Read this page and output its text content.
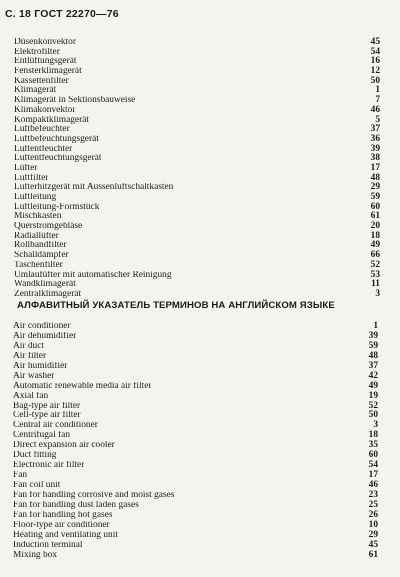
С. 18 ГОСТ 22270—76
Düsenkonvektor	45
Elektrofilter	54
Entlüftungsgerät	16
Fensterklimagerät	12
Kassettenfilter	50
Klimagerät	1
Klimagerät in Sektionsbauweise	7
Klimakonvektor	46
Kompaktklimagerät	5
Luftbefeuchter	37
Luftbefeuchtungsgerät	36
Luftentfeuchter	39
Luftentfeuchtungsgerät	38
Lüfter	17
Luftfilter	48
Lufterhitzgerät mit Aussenluftschaltkasten	29
Luftleitung	59
Luftleitung-Formstück	60
Mischkasten	61
Querstromgebläse	20
Radiallüfter	18
Rollbandfilter	49
Schalldämpfer	66
Taschenfilter	52
Umlaufüfter mit automatischer Reinigung	53
Wandklimagerät	11
Zentralklimagerät	3
АЛФАВИТНЫЙ УКАЗАТЕЛЬ ТЕРМИНОВ НА АНГЛИЙСКОМ ЯЗЫКЕ
Air conditioner	1
Air dehumidifier	39
Air duct	59
Air filter	48
Air humidifier	37
Air washer	42
Automatic renewable media air filter	49
Axial fan	19
Bag-type air filter	52
Cell-type air filter	50
Central air conditioner	3
Centrifugal fan	18
Direct expansion air cooler	35
Duct fitting	60
Electronic air filter	54
Fan	17
Fan coil unit	46
Fan for handling corrosive and moist gases	23
Fan for handling dust laden gases	25
Fan for handling hot gases	26
Floor-type air conditioner	10
Heating and ventilating unit	29
Induction terminal	45
Mixing box	61
